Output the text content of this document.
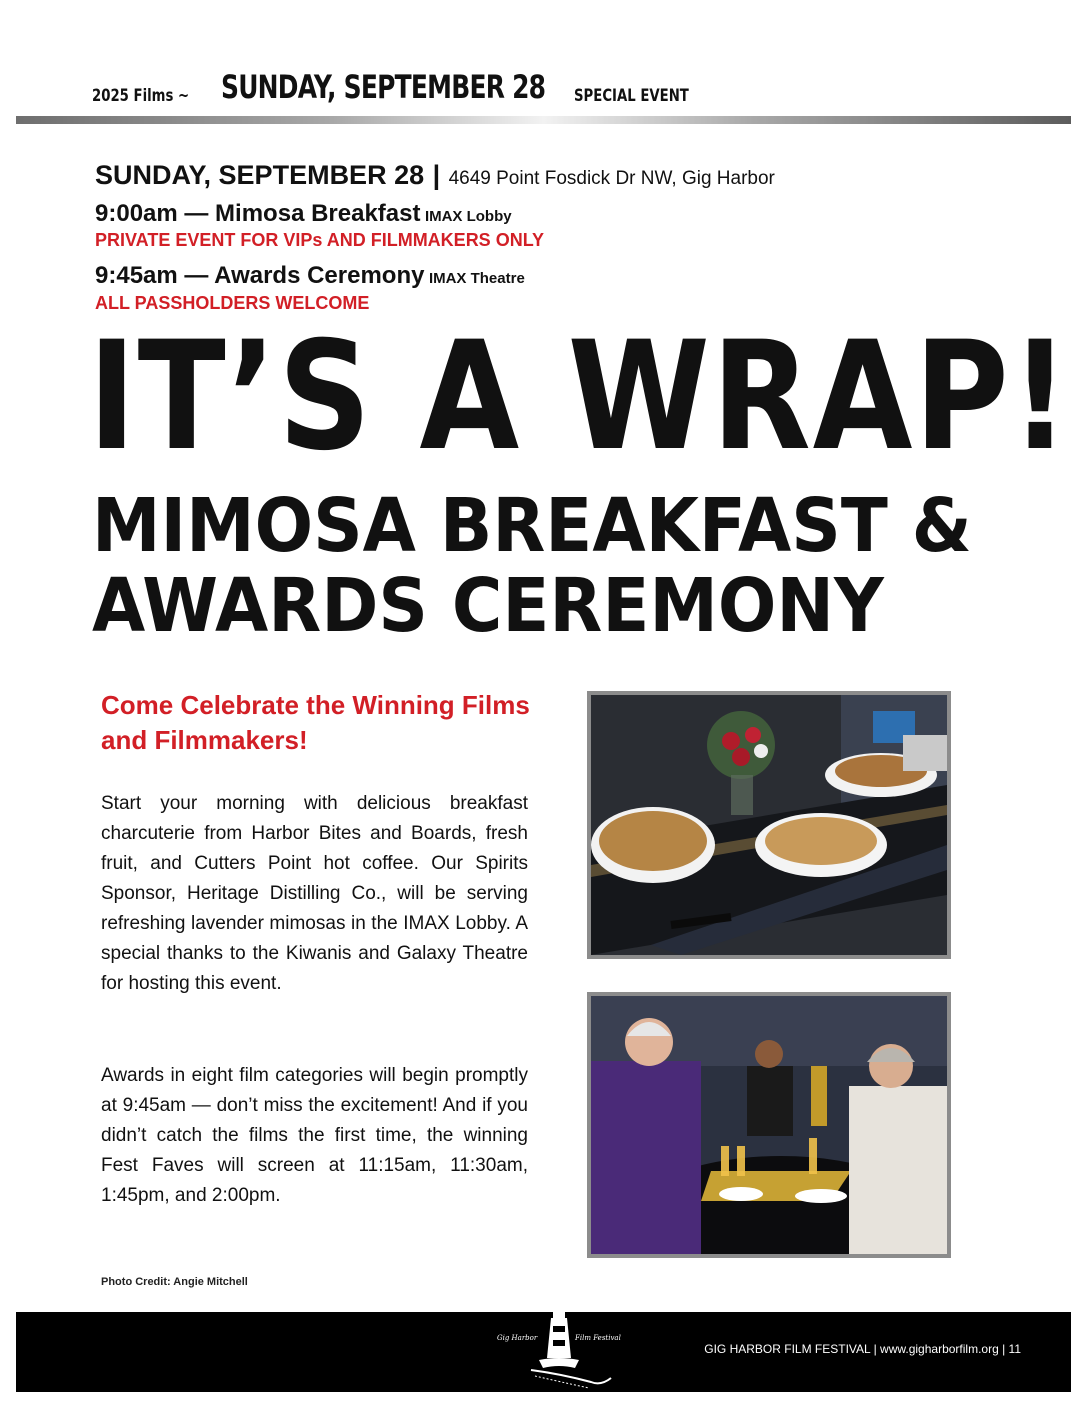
2025 Films ~ SUNDAY, SEPTEMBER 28 SPECIAL EVENT
SUNDAY, SEPTEMBER 28 | 4649 Point Fosdick Dr NW, Gig Harbor
9:00am — Mimosa Breakfast IMAX Lobby
PRIVATE EVENT FOR VIPs AND FILMMAKERS ONLY
9:45am — Awards Ceremony IMAX Theatre
ALL PASSHOLDERS WELCOME
IT’S A WRAP!
MIMOSA BREAKFAST &
AWARDS CEREMONY
Come Celebrate the Winning Films and Filmmakers!

Start your morning with delicious breakfast charcuterie from Harbor Bites and Boards, fresh fruit, and Cutters Point hot coffee. Our Spirits Sponsor, Heritage Distilling Co., will be serving refreshing lavender mimosas in the IMAX Lobby. A special thanks to the Kiwanis and Galaxy Theatre for hosting this event.

Awards in eight film categories will begin promptly at 9:45am — don’t miss the excitement! And if you didn’t catch the films the first time, the winning Fest Faves will screen at 11:15am, 11:30am, 1:45pm, and 2:00pm.

Photo Credit: Angie Mitchell
Gig Harbor	Film Festival
GIG HARBOR FILM FESTIVAL | www.gigharborfilm.org | 11
